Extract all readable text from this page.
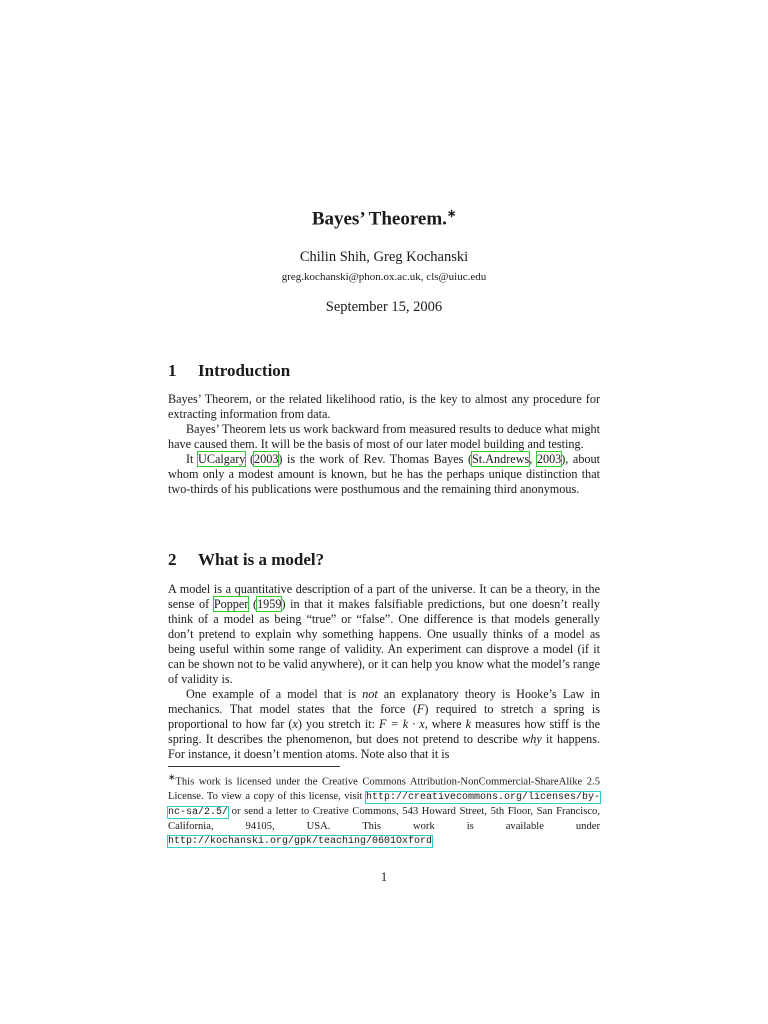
Bayes’ Theorem.∗
Chilin Shih, Greg Kochanski
greg.kochanski@phon.ox.ac.uk, cls@uiuc.edu
September 15, 2006
1 Introduction

Bayes’ Theorem, or the related likelihood ratio, is the key to almost any procedure for extracting information from data.

Bayes’ Theorem lets us work backward from measured results to deduce what might have caused them. It will be the basis of most of our later model building and testing.

It UCalgary (2003) is the work of Rev. Thomas Bayes (St.Andrews, 2003), about whom only a modest amount is known, but he has the perhaps unique distinction that two-thirds of his publications were posthumous and the remaining third anonymous.

2 What is a model?

A model is a quantitative description of a part of the universe. It can be a theory, in the sense of Popper (1959) in that it makes falsifiable predictions, but one doesn’t really think of a model as being “true” or “false”. One difference is that models generally don’t pretend to explain why something happens. One usually thinks of a model as being useful within some range of validity. An experiment can disprove a model (if it can be shown not to be valid anywhere), or it can help you know what the model’s range of validity is.

One example of a model that is not an explanatory theory is Hooke’s Law in mechanics. That model states that the force (F) required to stretch a spring is proportional to how far (x) you stretch it: F = k · x, where k measures how stiff is the spring. It describes the phenomenon, but does not pretend to describe why it happens. For instance, it doesn’t mention atoms. Note also that it is

∗This work is licensed under the Creative Commons Attribution-NonCommercial-ShareAlike 2.5 License. To view a copy of this license, visit http://creativecommons.org/licenses/by-nc-sa/2.5/ or send a letter to Creative Commons, 543 Howard Street, 5th Floor, San Francisco, California, 94105, USA. This work is available under http://kochanski.org/gpk/teaching/0601Oxford
1
